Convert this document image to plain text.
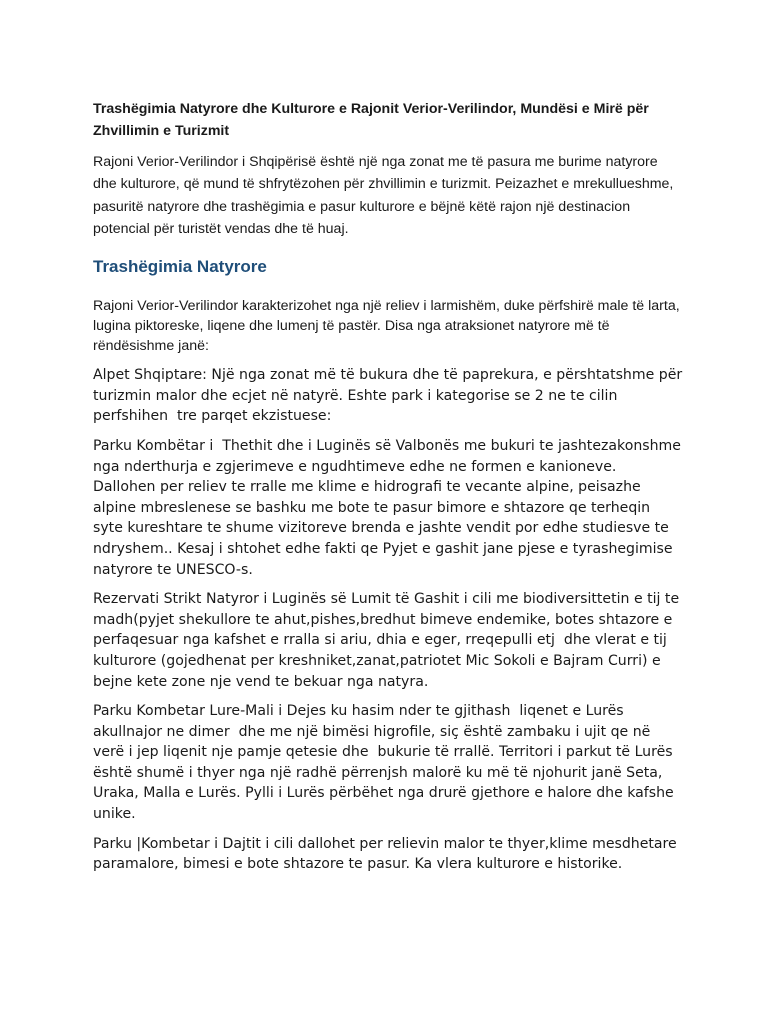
Trashëgimia Natyrore dhe Kulturore e Rajonit Verior-Verilindor, Mundësi e Mirë për Zhvillimin e Turizmit

Rajoni Verior-Verilindor i Shqipërisë është një nga zonat me të pasura me burime natyrore dhe kulturore, që mund të shfrytëzohen për zhvillimin e turizmit. Peizazhet e mrekullueshme, pasuritë natyrore dhe trashëgimia e pasur kulturore e bëjnë këtë rajon një destinacion potencial për turistët vendas dhe të huaj.

Trashëgimia Natyrore

Rajoni Verior-Verilindor karakterizohet nga një reliev i larmishëm, duke përfshirë male të larta, lugina piktoreske, liqene dhe lumenj të pastër. Disa nga atraksionet natyrore më të rëndësishme janë:

Alpet Shqiptare: Një nga zonat më të bukura dhe të paprekura, e përshtatshme për turizmin malor dhe ecjet në natyrë. Eshte park i kategorise se 2 ne te cilin perfshihen  tre parqet ekzistuese:

Parku Kombëtar i  Thethit dhe i Luginës së Valbonës me bukuri te jashtezakonshme  nga nderthurja e zgjerimeve e ngudhtimeve edhe ne formen e kanioneve.  Dallohen per reliev te rralle me klime e hidrografi te vecante alpine, peisazhe alpine mbreslenese se bashku me bote te pasur bimore e shtazore qe terheqin syte kureshtare te shume vizitoreve brenda e jashte vendit por edhe studiesve te ndryshem.. Kesaj i shtohet edhe fakti qe Pyjet e gashit jane pjese e tyrashegimise natyrore te UNESCO-s.

Rezervati Strikt Natyror i Luginës së Lumit të Gashit i cili me biodiversittetin e tij te madh(pyjet shekullore te ahut,pishes,bredhut bimeve endemike, botes shtazore e perfaqesuar nga kafshet e rralla si ariu, dhia e eger, rreqepulli etj  dhe vlerat e tij kulturore (gojedhenat per kreshniket,zanat,patriotet Mic Sokoli e Bajram Curri) e bejne kete zone nje vend te bekuar nga natyra.

Parku Kombetar Lure-Mali i Dejes ku hasim nder te gjithash  liqenet e Lurës akullnajor ne dimer  dhe me një bimësi higrofile, siç është zambaku i ujit qe në verë i jep liqenit nje pamje qetesie dhe  bukurie të rrallë. Territori i parkut të Lurës është shumë i thyer nga një radhë përrenjsh malorë ku më të njohurit janë Seta, Uraka, Malla e Lurës. Pylli i Lurës përbëhet nga drurë gjethore e halore dhe kafshe unike.

Parku |Kombetar i Dajtit i cili dallohet per relievin malor te thyer,klime mesdhetare paramalore, bimesi e bote shtazore te pasur. Ka vlera kulturore e historike.
